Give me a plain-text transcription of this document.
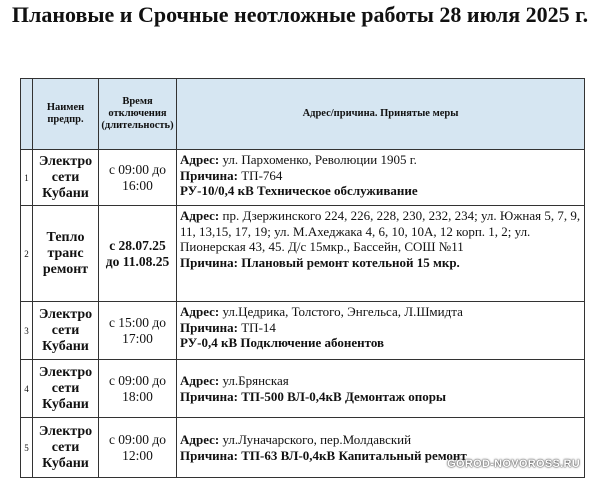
Плановые и Срочные неотложные работы 28 июля 2025 г.
	Наимен предпр.	Время отключения (длительность)	Адрес/причина. Принятые меры
1	Электро сети Кубани	с 09:00 до 16:00	Адрес: ул. Пархоменко, Революции 1905 г.
Причина: ТП-764
РУ-10/0,4 кВ Техническое обслуживание
2	Тепло транс ремонт	с 28.07.25 до 11.08.25	Адрес: пр. Дзержинского 224, 226, 228, 230, 232, 234; ул. Южная 5, 7, 9, 11, 13,15, 17, 19; ул. М.Ахеджака 4, 6, 10, 10А, 12 корп. 1, 2; ул. Пионерская 43, 45. Д/с 15мкр., Бассейн, СОШ №11
Причина: Плановый ремонт котельной 15 мкр.
3	Электро сети Кубани	с 15:00 до 17:00	Адрес: ул.Цедрика, Толстого, Энгельса, Л.Шмидта
Причина: ТП-14
РУ-0,4 кВ Подключение абонентов
4	Электро сети Кубани	с 09:00 до 18:00	Адрес: ул.Брянская
Причина: ТП-500 ВЛ-0,4кВ Демонтаж опоры
5	Электро сети Кубани	с 09:00 до 12:00	Адрес: ул.Луначарского, пер.Молдавский
Причина: ТП-63 ВЛ-0,4кВ Капитальный ремонт
GOROD-NOVOROSS.RU
